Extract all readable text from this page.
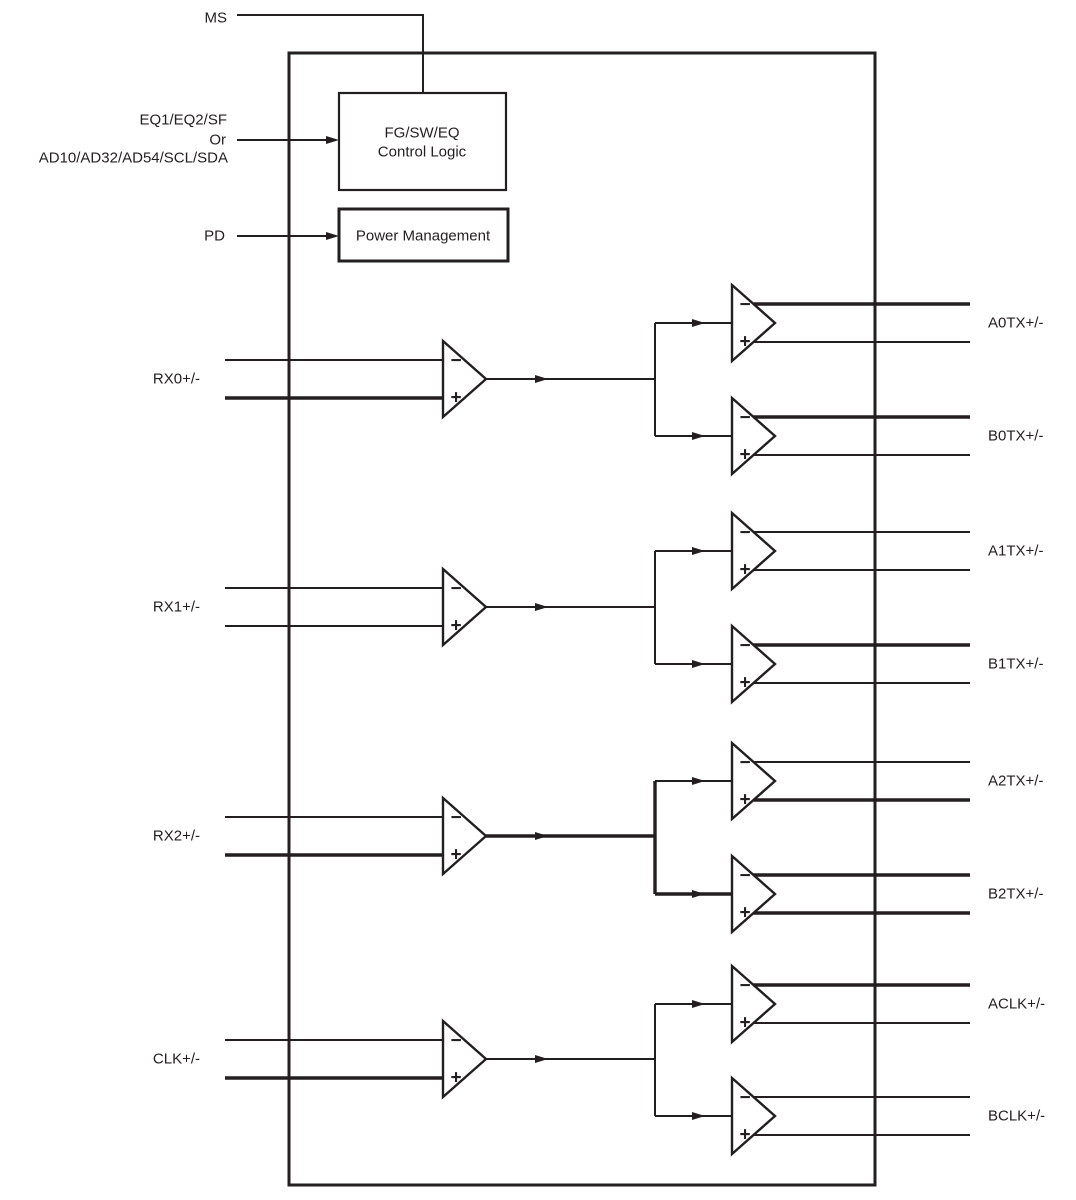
−
+
MS
EQ1/EQ2/SF
Or
AD10/AD32/AD54/SCL/SDA
PD
FG/SW/EQ
Control Logic
Power Management
RX0+/-
A0TX+/-
B0TX+/-
RX1+/-
A1TX+/-
B1TX+/-
RX2+/-
A2TX+/-
B2TX+/-
CLK+/-
ACLK+/-
BCLK+/-
